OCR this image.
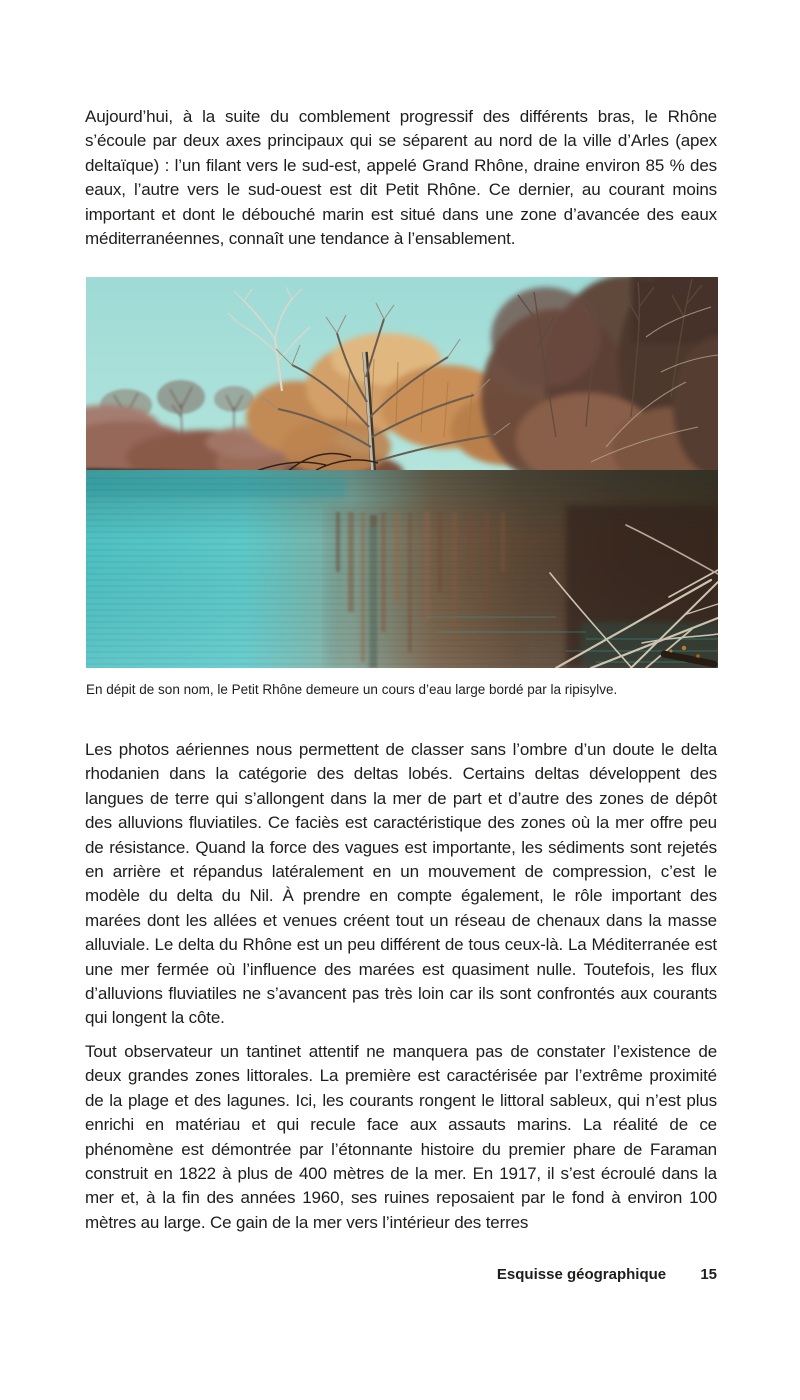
Aujourd’hui, à la suite du comblement progressif des différents bras, le Rhône s’écoule par deux axes principaux qui se séparent au nord de la ville d’Arles (apex deltaïque) : l’un filant vers le sud-est, appelé Grand Rhône, draine environ 85 % des eaux, l’autre vers le sud-ouest est dit Petit Rhône. Ce dernier, au courant moins important et dont le débouché marin est situé dans une zone d’avancée des eaux méditerranéennes, connaît une tendance à l’ensablement.

En dépit de son nom, le Petit Rhône demeure un cours d’eau large bordé par la ripisylve.

Les photos aériennes nous permettent de classer sans l’ombre d’un doute le delta rhodanien dans la catégorie des deltas lobés. Certains deltas développent des langues de terre qui s’allongent dans la mer de part et d’autre des zones de dépôt des alluvions fluviatiles. Ce faciès est caractéristique des zones où la mer offre peu de résistance. Quand la force des vagues est importante, les sédiments sont rejetés en arrière et répandus latéralement en un mouvement de compression, c’est le modèle du delta du Nil. À prendre en compte également, le rôle important des marées dont les allées et venues créent tout un réseau de chenaux dans la masse alluviale. Le delta du Rhône est un peu différent de tous ceux-là. La Méditerranée est une mer fermée où l’influence des marées est quasiment nulle. Toutefois, les flux d’alluvions fluviatiles ne s’avancent pas très loin car ils sont confrontés aux courants qui longent la côte.

Tout observateur un tantinet attentif ne manquera pas de constater l’existence de deux grandes zones littorales. La première est caractérisée par l’extrême proximité de la plage et des lagunes. Ici, les courants rongent le littoral sableux, qui n’est plus enrichi en matériau et qui recule face aux assauts marins. La réalité de ce phénomène est démontrée par l’étonnante histoire du premier phare de Faraman construit en 1822 à plus de 400 mètres de la mer. En 1917, il s’est écroulé dans la mer et, à la fin des années 1960, ses ruines reposaient par le fond à environ 100 mètres au large. Ce gain de la mer vers l’intérieur des terres

Esquisse géographique 15
